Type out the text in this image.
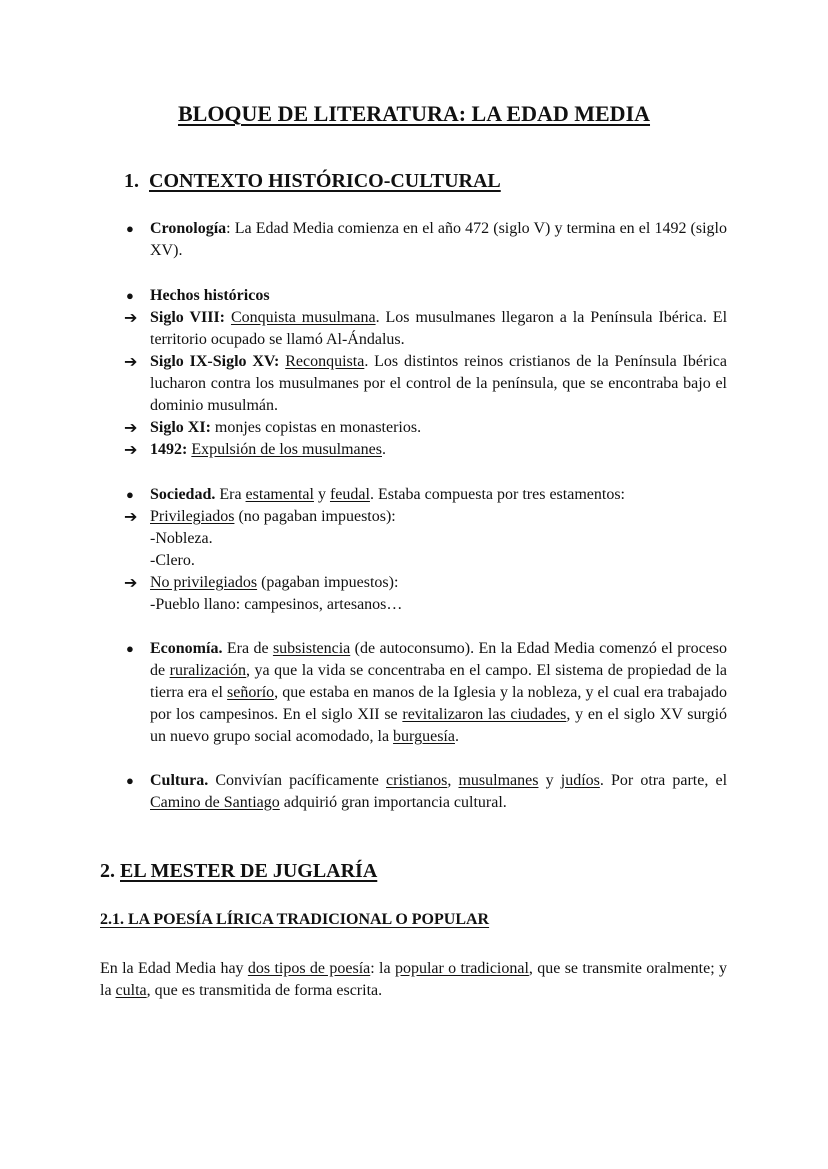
BLOQUE DE LITERATURA: LA EDAD MEDIA
1. CONTEXTO HISTÓRICO-CULTURAL
● Cronología: La Edad Media comienza en el año 472 (siglo V) y termina en el 1492 (siglo XV).
● Hechos históricos
➔ Siglo VIII: Conquista musulmana. Los musulmanes llegaron a la Península Ibérica. El territorio ocupado se llamó Al-Ándalus.
➔ Siglo IX-Siglo XV: Reconquista. Los distintos reinos cristianos de la Península Ibérica lucharon contra los musulmanes por el control de la península, que se encontraba bajo el dominio musulmán.
➔ Siglo XI: monjes copistas en monasterios.
➔ 1492: Expulsión de los musulmanes.
● Sociedad. Era estamental y feudal. Estaba compuesta por tres estamentos:
➔ Privilegiados (no pagaban impuestos):
-Nobleza.
-Clero.
➔ No privilegiados (pagaban impuestos):
-Pueblo llano: campesinos, artesanos…
● Economía. Era de subsistencia (de autoconsumo). En la Edad Media comenzó el proceso de ruralización, ya que la vida se concentraba en el campo. El sistema de propiedad de la tierra era el señorío, que estaba en manos de la Iglesia y la nobleza, y el cual era trabajado por los campesinos. En el siglo XII se revitalizaron las ciudades, y en el siglo XV surgió un nuevo grupo social acomodado, la burguesía.
● Cultura. Convivían pacíficamente cristianos, musulmanes y judíos. Por otra parte, el Camino de Santiago adquirió gran importancia cultural.
2. EL MESTER DE JUGLARÍA
2.1. LA POESÍA LÍRICA TRADICIONAL O POPULAR
En la Edad Media hay dos tipos de poesía: la popular o tradicional, que se transmite oralmente; y la culta, que es transmitida de forma escrita.
